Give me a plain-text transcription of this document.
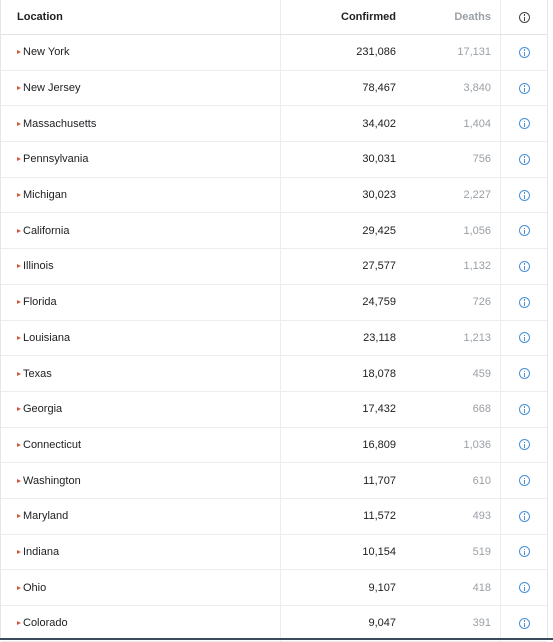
Location	Confirmed	Deaths
New York	231,086	17,131
New Jersey	78,467	3,840
Massachusetts	34,402	1,404
Pennsylvania	30,031	756
Michigan	30,023	2,227
California	29,425	1,056
Illinois	27,577	1,132
Florida	24,759	726
Louisiana	23,118	1,213
Texas	18,078	459
Georgia	17,432	668
Connecticut	16,809	1,036
Washington	11,707	610
Maryland	11,572	493
Indiana	10,154	519
Ohio	9,107	418
Colorado	9,047	391
